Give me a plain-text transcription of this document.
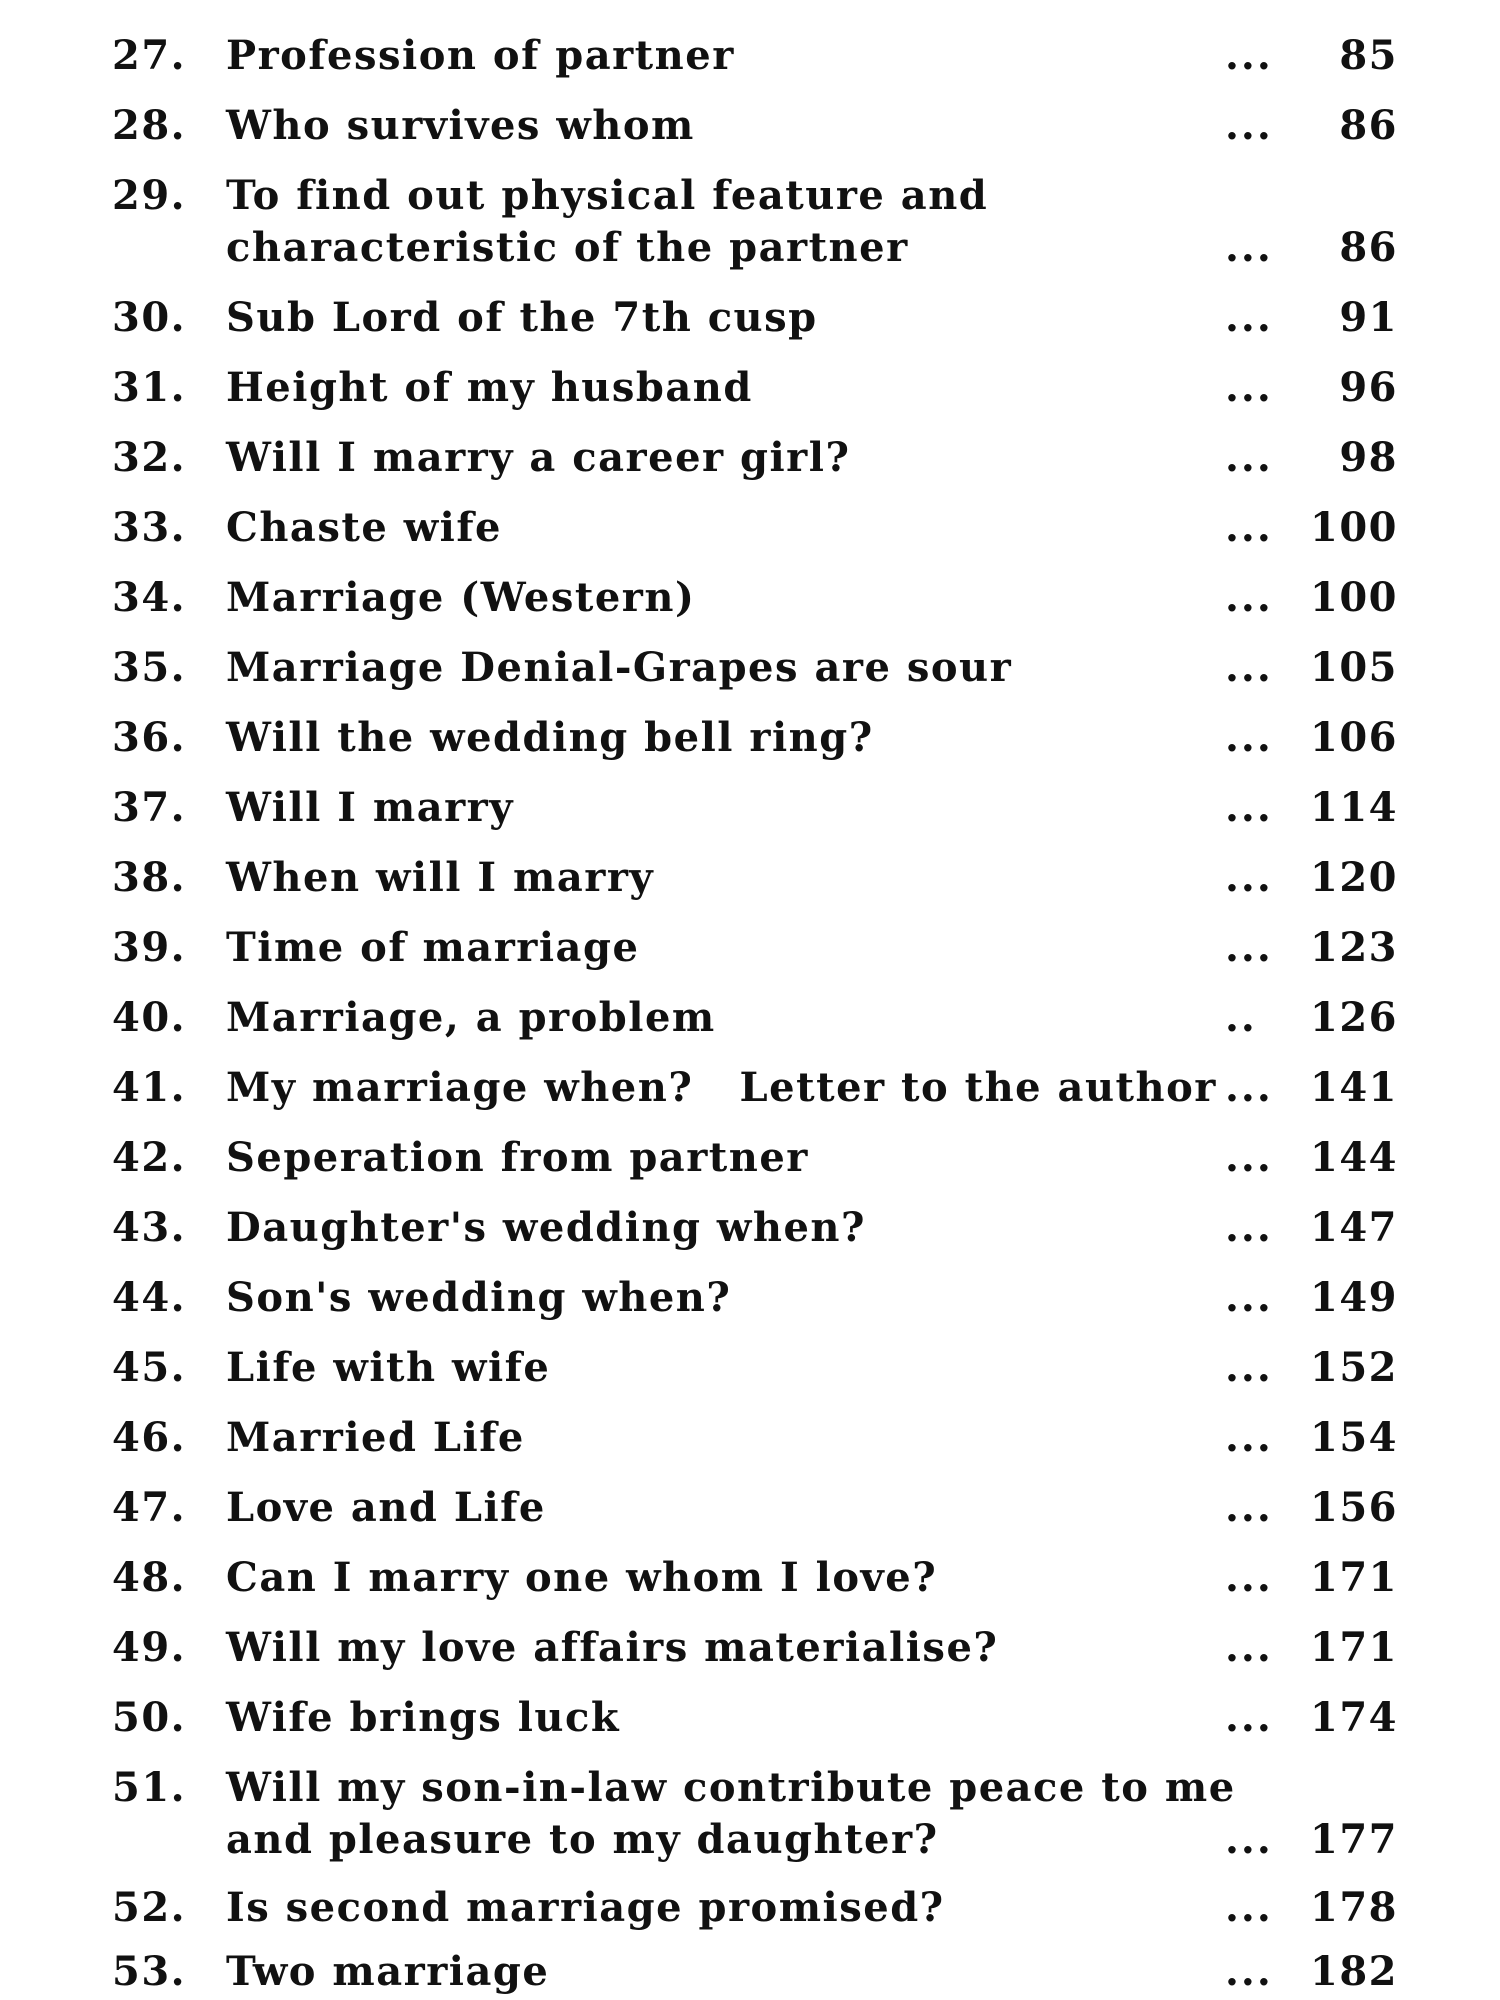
27. Profession of partner	...	85
28. Who survives whom	...	86
29. To find out physical feature and
characteristic of the partner	...	86
30. Sub Lord of the 7th cusp	...	91
31. Height of my husband	...	96
32. Will I marry a career girl?	...	98
33. Chaste wife	... 100
34. Marriage (Western)	... 100
35. Marriage Denial-Grapes are sour	... 105
36. Will the wedding bell ring?	... 106
37. Will I marry	... 114
38. When will I marry	... 120
39. Time of marriage	... 123
40. Marriage, a problem	..	126
41. My marriage when?   Letter to the author ... 141
42. Seperation from partner	... 144
43. Daughter's wedding when?	... 147
44. Son's wedding when?	... 149
45. Life with wife	... 152
46. Married Life	... 154
47. Love and Life	... 156
48. Can I marry one whom I love?	... 171
49. Will my love affairs materialise?	... 171
50. Wife brings luck	... 174
51. Will my son-in-law contribute peace to me
and pleasure to my daughter?	... 177
52. Is second marriage promised?	... 178
53. Two marriage	... 182
